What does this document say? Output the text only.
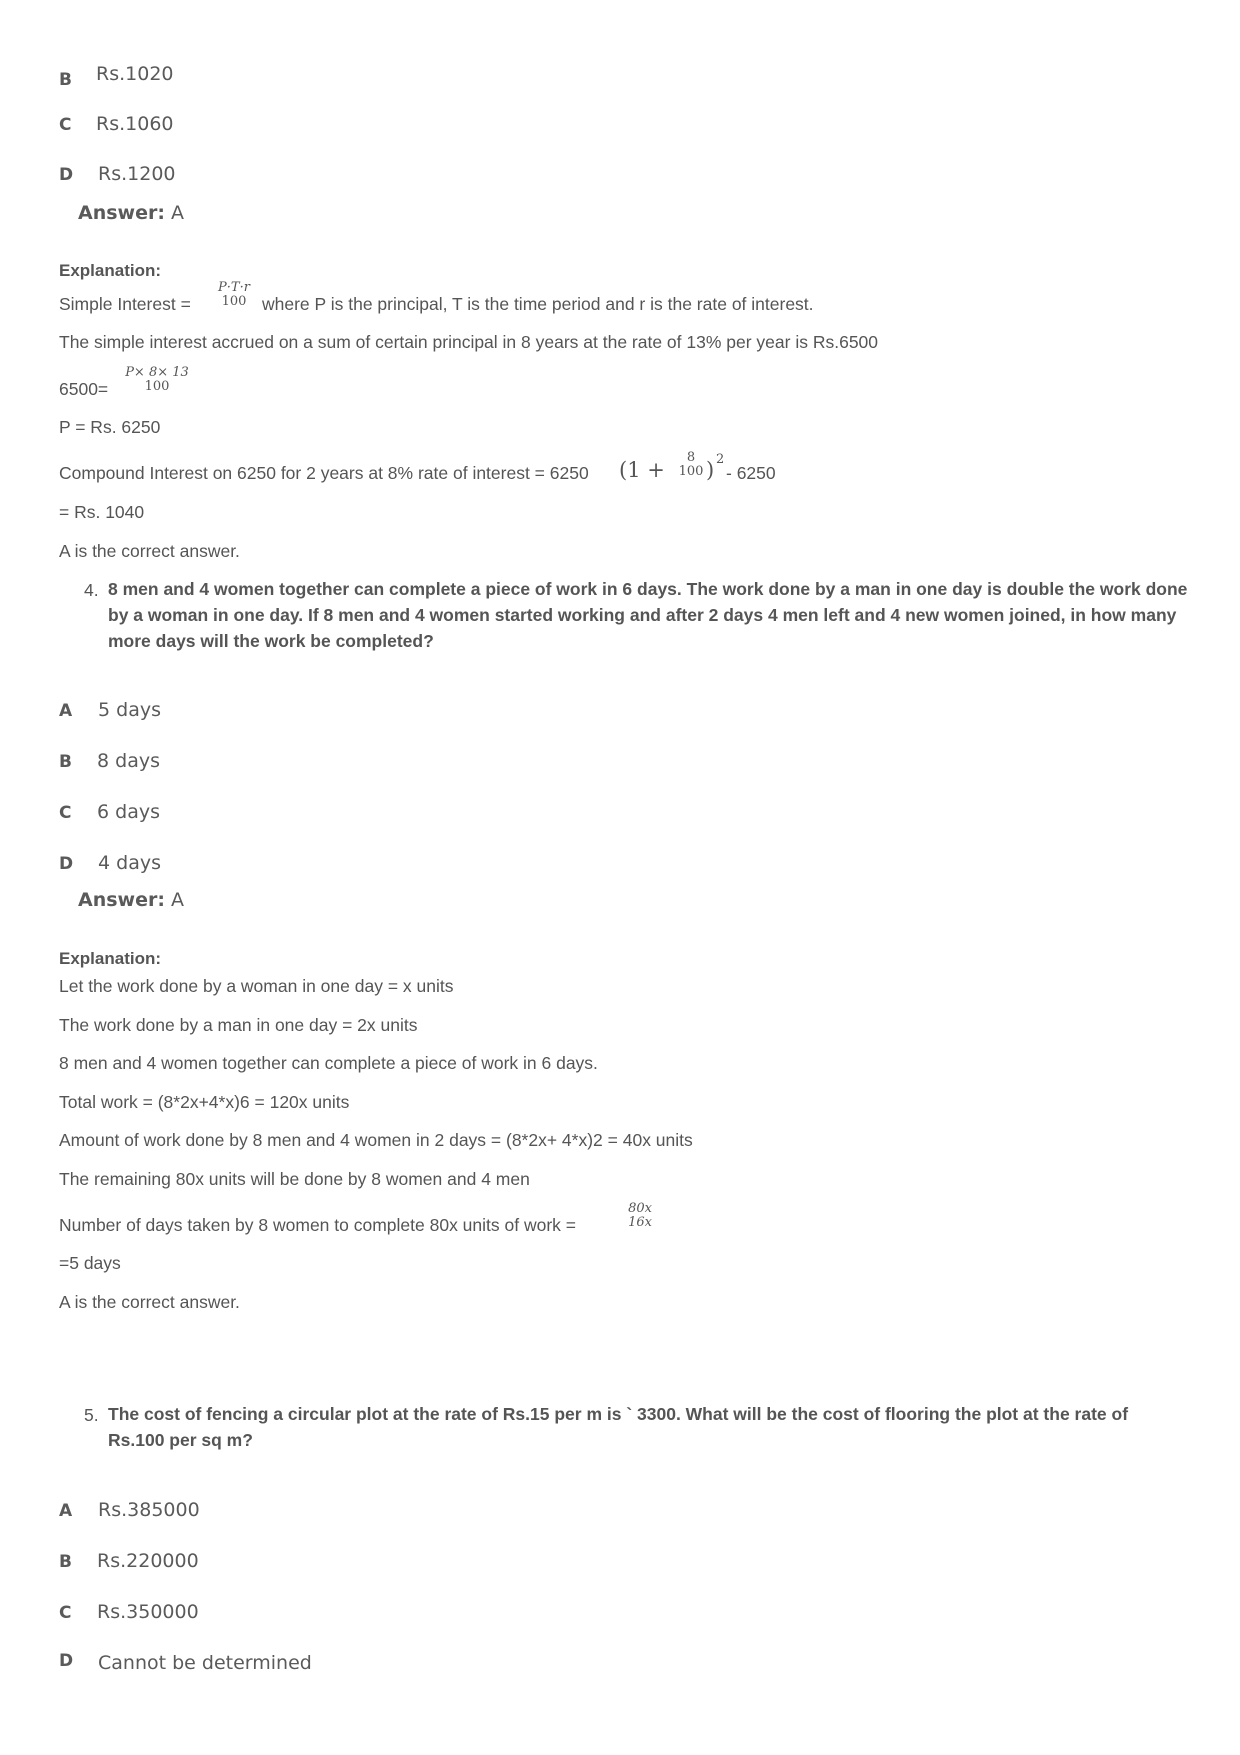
B Rs.1020
C Rs.1060
D Rs.1200
Answer: A
Explanation:
Simple Interest =
P·T·r
100 where P is the principal, T is the time period and r is the rate of interest.
The simple interest accrued on a sum of certain principal in 8 years at the rate of 13% per year is Rs.6500
6500=
P× 8× 13
100
P = Rs. 6250
Compound Interest on 6250 for 2 years at 8% rate of interest = 6250 (1 +
8
100 ) 2
- 6250
= Rs. 1040
A is the correct answer.
4. 8 men and 4 women together can complete a piece of work in 6 days. The work done by a man in one day is double the work done by a woman in one day. If 8 men and 4 women started working and after 2 days 4 men left and 4 new women joined, in how many more days will the work be completed?
A 5 days
B 8 days
C 6 days
D 4 days
Answer: A
Explanation:
Let the work done by a woman in one day = x units
The work done by a man in one day = 2x units
8 men and 4 women together can complete a piece of work in 6 days.
Total work = (8*2x+4*x)6 = 120x units
Amount of work done by 8 men and 4 women in 2 days = (8*2x+ 4*x)2 = 40x units
The remaining 80x units will be done by 8 women and 4 men
Number of days taken by 8 women to complete 80x units of work =
80x
16x
=5 days
A is the correct answer.
5. The cost of fencing a circular plot at the rate of Rs.15 per m is ` 3300. What will be the cost of flooring the plot at the rate of Rs.100 per sq m?
A Rs.385000
B Rs.220000
C Rs.350000
D Cannot be determined
